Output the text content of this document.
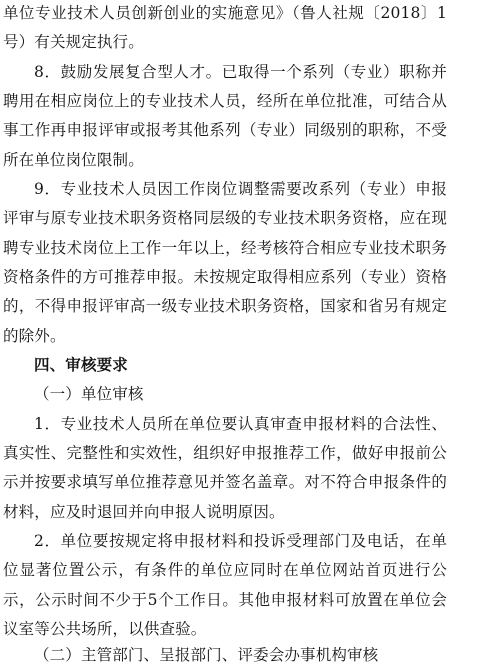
单位专业技术人员创新创业的实施意见》（鲁人社规〔2018〕1
号）有关规定执行。
8．鼓励发展复合型人才。已取得一个系列（专业）职称并
聘用在相应岗位上的专业技术人员，经所在单位批准，可结合从
事工作再申报评审或报考其他系列（专业）同级别的职称，不受
所在单位岗位限制。
9．专业技术人员因工作岗位调整需要改系列（专业）申报
评审与原专业技术职务资格同层级的专业技术职务资格，应在现
聘专业技术岗位上工作一年以上，经考核符合相应专业技术职务
资格条件的方可推荐申报。未按规定取得相应系列（专业）资格
的，不得申报评审高一级专业技术职务资格，国家和省另有规定
的除外。
四、审核要求
（一）单位审核
1．专业技术人员所在单位要认真审查申报材料的合法性、
真实性、完整性和实效性，组织好申报推荐工作，做好申报前公
示并按要求填写单位推荐意见并签名盖章。对不符合申报条件的
材料，应及时退回并向申报人说明原因。
2．单位要按规定将申报材料和投诉受理部门及电话，在单
位显著位置公示，有条件的单位应同时在单位网站首页进行公
示，公示时间不少于5个工作日。其他申报材料可放置在单位会
议室等公共场所，以供查验。
（二）主管部门、呈报部门、评委会办事机构审核
